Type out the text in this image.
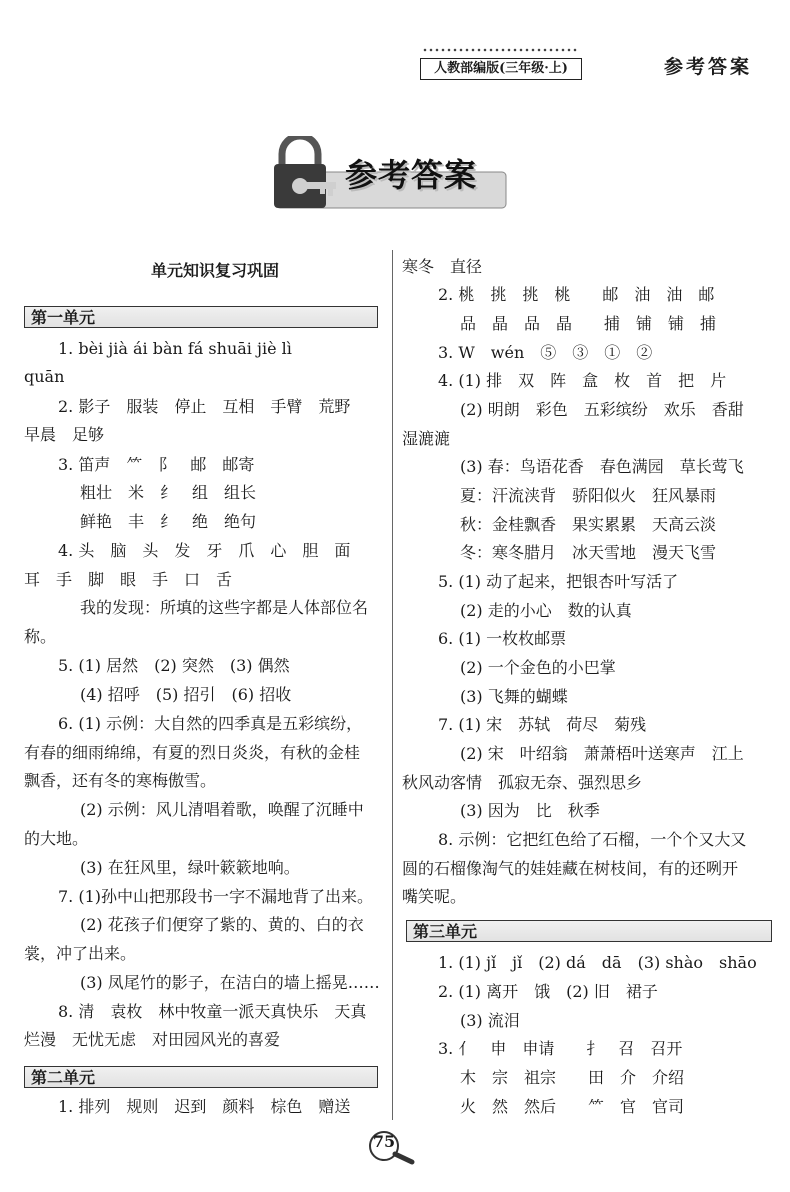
人教部编版(三年级·上)	参考答案
参考答案
单元知识复习巩固
第一单元
1. bèi jià ái bàn fá shuāi jiè lì
quān
2. 影子　服装　停止　互相　手臂　荒野
早晨　足够
3. 笛声　⺮　阝　邮　邮寄
粗壮　米　纟　组　组长
鲜艳　丰　纟　绝　绝句
4. 头　脑　头　发　牙　爪　心　胆　面
耳　手　脚　眼　手　口　舌
我的发现：所填的这些字都是人体部位名
称。
5. (1) 居然　(2) 突然　(3) 偶然
(4) 招呼　(5) 招引　(6) 招收
6. (1) 示例：大自然的四季真是五彩缤纷，
有春的细雨绵绵，有夏的烈日炎炎，有秋的金桂
飘香，还有冬的寒梅傲雪。
(2) 示例：风儿清唱着歌，唤醒了沉睡中
的大地。
(3) 在狂风里，绿叶簌簌地响。
7. (1)孙中山把那段书一字不漏地背了出来。
(2) 花孩子们便穿了紫的、黄的、白的衣
裳，冲了出来。
(3) 凤尾竹的影子，在洁白的墙上摇晃……
8. 清　袁枚　林中牧童一派天真快乐　天真
烂漫　无忧无虑　对田园风光的喜爱
第二单元
1. 排列　规则　迟到　颜料　棕色　赠送
寒冬　直径
2. 桃　挑　挑　桃　　邮　油　油　邮
品　晶　品　晶　　捕　铺　铺　捕
3. W　wén　⑤　③　①　②
4. (1) 排　双　阵　盒　枚　首　把　片
(2) 明朗　彩色　五彩缤纷　欢乐　香甜
湿漉漉
(3) 春：鸟语花香　春色满园　草长莺飞
夏：汗流浃背　骄阳似火　狂风暴雨
秋：金桂飘香　果实累累　天高云淡
冬：寒冬腊月　冰天雪地　漫天飞雪
5. (1) 动了起来，把银杏叶写活了
(2) 走的小心　数的认真
6. (1) 一枚枚邮票
(2) 一个金色的小巴掌
(3) 飞舞的蝴蝶
7. (1) 宋　苏轼　荷尽　菊残
(2) 宋　叶绍翁　萧萧梧叶送寒声　江上
秋风动客情　孤寂无奈、强烈思乡
(3) 因为　比　秋季
8. 示例：它把红色给了石榴，一个个又大又
圆的石榴像淘气的娃娃藏在树枝间，有的还咧开
嘴笑呢。
第三单元
1. (1) jǐ　jǐ　(2) dá　dā　(3) shào　shāo
2. (1) 离开　饿　(2) 旧　裙子
(3) 流泪
3. 亻　申　申请　　扌　召　召开
木　宗　祖宗　　田　介　介绍
火　然　然后　　⺮　官　官司
75
